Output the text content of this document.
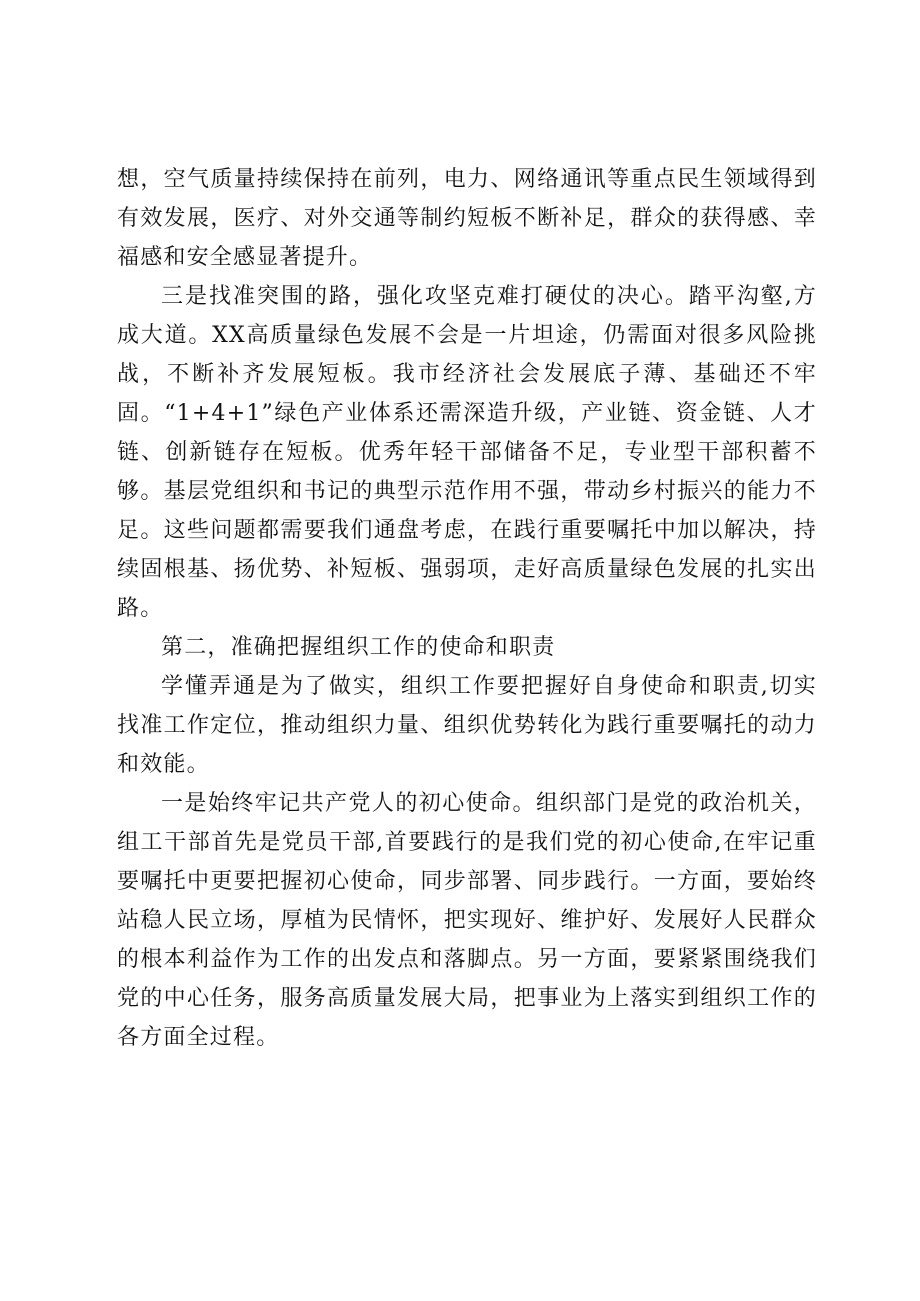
想，空气质量持续保持在前列，电力、网络通讯等重点民生领域得到有效发展，医疗、对外交通等制约短板不断补足，群众的获得感、幸福感和安全感显著提升。

三是找准突围的路，强化攻坚克难打硬仗的决心。踏平沟壑,方成大道。XX高质量绿色发展不会是一片坦途，仍需面对很多风险挑战，不断补齐发展短板。我市经济社会发展底子薄、基础还不牢固。“1+4+1”绿色产业体系还需深造升级，产业链、资金链、人才链、创新链存在短板。优秀年轻干部储备不足，专业型干部积蓄不够。基层党组织和书记的典型示范作用不强，带动乡村振兴的能力不足。这些问题都需要我们通盘考虑，在践行重要嘱托中加以解决，持续固根基、扬优势、补短板、强弱项，走好高质量绿色发展的扎实出路。

第二，准确把握组织工作的使命和职责

学懂弄通是为了做实，组织工作要把握好自身使命和职责,切实找准工作定位，推动组织力量、组织优势转化为践行重要嘱托的动力和效能。

一是始终牢记共产党人的初心使命。组织部门是党的政治机关，组工干部首先是党员干部,首要践行的是我们党的初心使命,在牢记重要嘱托中更要把握初心使命，同步部署、同步践行。一方面，要始终站稳人民立场，厚植为民情怀，把实现好、维护好、发展好人民群众的根本利益作为工作的出发点和落脚点。另一方面，要紧紧围绕我们党的中心任务，服务高质量发展大局，把事业为上落实到组织工作的各方面全过程。
